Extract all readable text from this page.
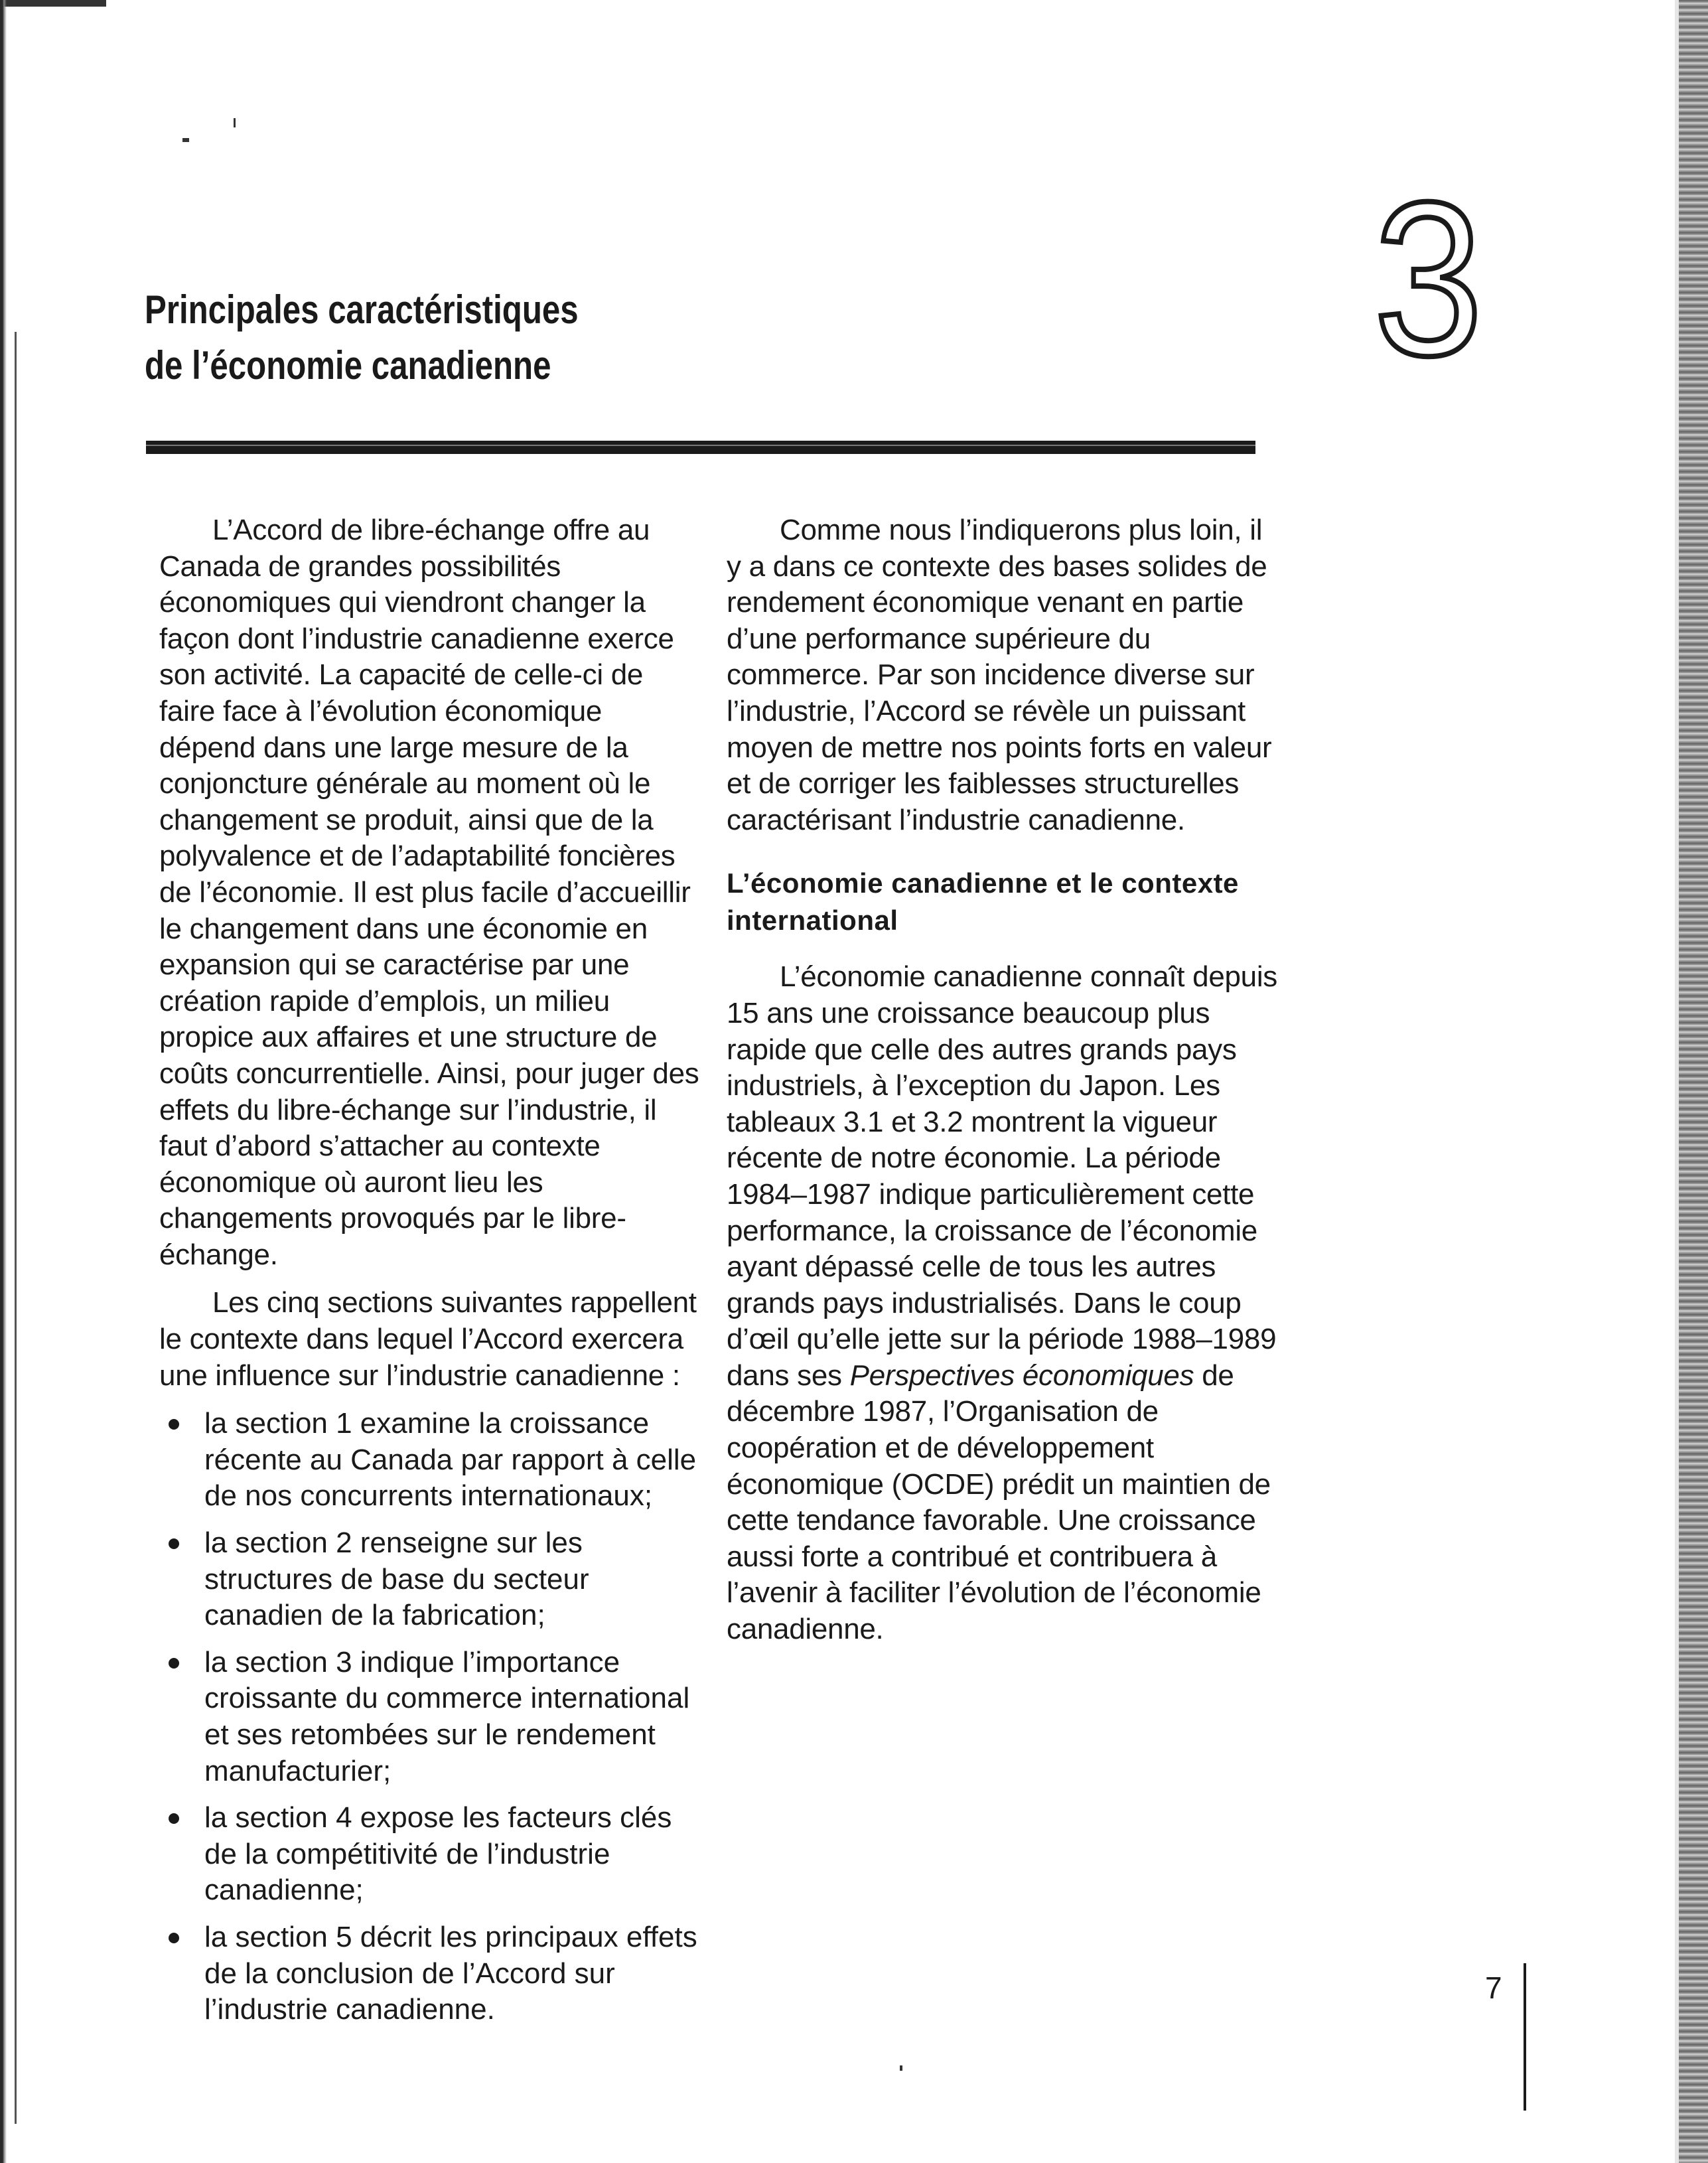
Principales caractéristiques
de l’économie canadienne	3

L’Accord de libre-échange offre au Canada de grandes possibilités économiques qui viendront changer la façon dont l’industrie canadienne exerce son activité. La capacité de celle-ci de faire face à l’évolution économique dépend dans une large mesure de la conjoncture générale au moment où le changement se produit, ainsi que de la polyvalence et de l’adaptabilité foncières de l’économie. Il est plus facile d’accueillir le changement dans une économie en expansion qui se caractérise par une création rapide d’emplois, un milieu propice aux affaires et une structure de coûts concurrentielle. Ainsi, pour juger des effets du libre-échange sur l’industrie, il faut d’abord s’attacher au contexte économique où auront lieu les changements provoqués par le libre-échange.

Les cinq sections suivantes rappellent le contexte dans lequel l’Accord exercera une influence sur l’industrie canadienne :

la section 1 examine la croissance récente au Canada par rapport à celle de nos concurrents internationaux;
la section 2 renseigne sur les structures de base du secteur canadien de la fabrication;
la section 3 indique l’importance croissante du commerce international et ses retombées sur le rendement manufacturier;
la section 4 expose les facteurs clés de la compétitivité de l’industrie canadienne;
la section 5 décrit les principaux effets de la conclusion de l’Accord sur l’industrie canadienne.

Comme nous l’indiquerons plus loin, il y a dans ce contexte des bases solides de rendement économique venant en partie d’une performance supérieure du commerce. Par son incidence diverse sur l’industrie, l’Accord se révèle un puissant moyen de mettre nos points forts en valeur et de corriger les faiblesses structurelles caractérisant l’industrie canadienne.

L’économie canadienne et le contexte international

L’économie canadienne connaît depuis 15 ans une croissance beaucoup plus rapide que celle des autres grands pays industriels, à l’exception du Japon. Les tableaux 3.1 et 3.2 montrent la vigueur récente de notre économie. La période 1984–1987 indique particulièrement cette performance, la croissance de l’économie ayant dépassé celle de tous les autres grands pays industrialisés. Dans le coup d’œil qu’elle jette sur la période 1988–1989 dans ses Perspectives économiques de décembre 1987, l’Organisation de coopération et de développement économique (OCDE) prédit un maintien de cette tendance favorable. Une croissance aussi forte a contribué et contribuera à l’avenir à faciliter l’évolution de l’économie canadienne.

7
